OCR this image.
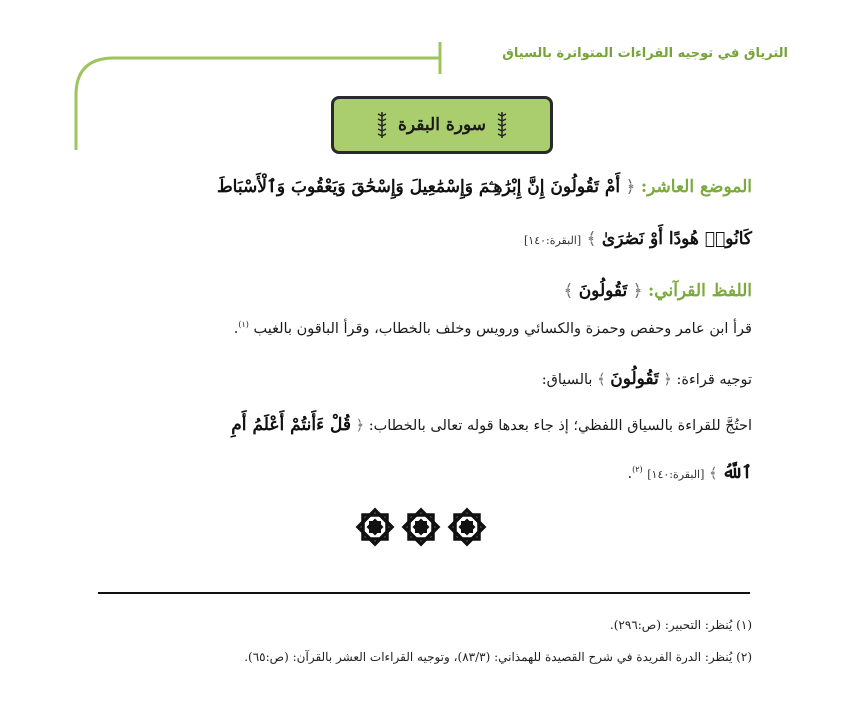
الترياق في توجيه القراءات المتواترة بالسياق
سورة البقرة
الموضع العاشر: ﴿ أَمْ تَقُولُونَ إِنَّ إِبْرَٰهِـۧمَ وَإِسْمَٰعِيلَ وَإِسْحَٰقَ وَيَعْقُوبَ وَٱلْأَسْبَاطَ
كَانُوا۟ هُودًا أَوْ نَصَٰرَىٰ ﴾ [البقرة:١٤٠]
اللفظ القرآني: ﴿ تَقُولُونَ ﴾
قرأ ابن عامر وحفص وحمزة والكسائي ورويس وخلف بالخطاب، وقرأ الباقون بالغيب $^{(١)}$.
توجيه قراءة: ﴿ تَقُولُونَ ﴾ بالسياق:
احتُجَّ للقراءة بالسياق اللفظي؛ إذ جاء بعدها قوله تعالى بالخطاب: ﴿ قُلْ ءَأَنتُمْ أَعْلَمُ أَمِ
ٱللَّهُ ﴾ [البقرة:١٤٠] $^{(٢)}$.
(١) يُنظر: التحبير: (ص:٢٩٦).
(٢) يُنظر: الدرة الفريدة في شرح القصيدة للهمذاني: (٨٣/٣)، وتوجيه القراءات العشر بالقرآن: (ص:٦٥).
